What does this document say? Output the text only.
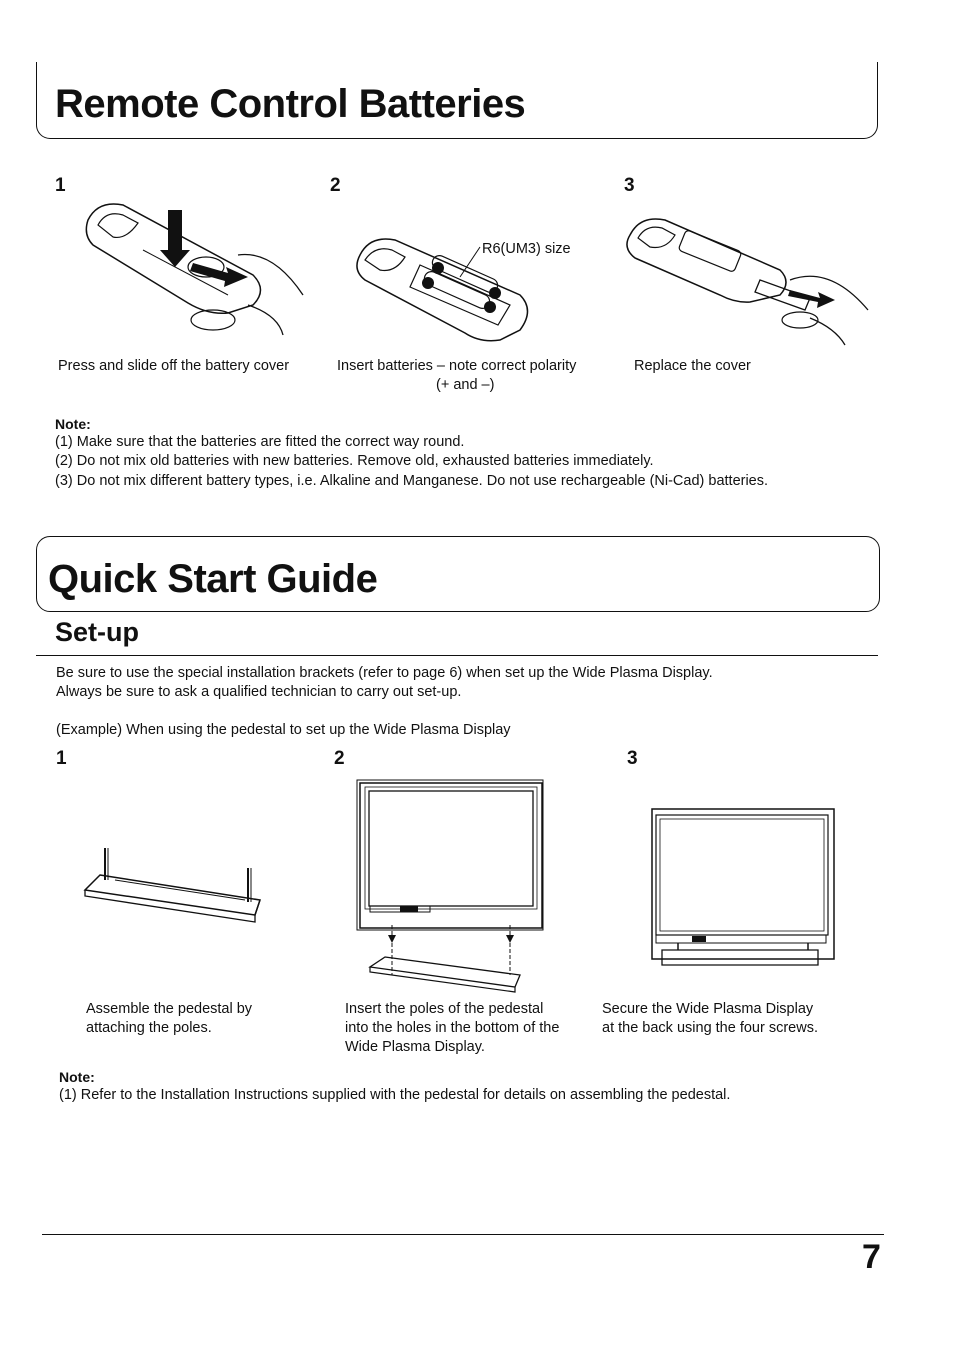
Remote Control Batteries
1	2	3
R6(UM3) size
Press and slide off the battery cover	Insert batteries – note correct polarity
(+ and –)
Replace the cover
Note:
(1) Make sure that the batteries are fitted the correct way round.
(2) Do not mix old batteries with new batteries. Remove old, exhausted batteries immediately.
(3) Do not mix different battery types, i.e. Alkaline and Manganese. Do not use rechargeable (Ni-Cad) batteries.
Quick Start Guide
Set-up
Be sure to use the special installation brackets (refer to page 6) when set up the Wide Plasma Display.
Always be sure to ask a qualified technician to carry out set-up.
(Example) When using the pedestal to set up the Wide Plasma Display
1	2	3
Assemble the pedestal by
attaching the poles.
Insert the poles of the pedestal
into the holes in the bottom of the
Wide Plasma Display.
Secure the Wide Plasma Display
at the back using the four screws.
Note:
(1) Refer to the Installation Instructions supplied with the pedestal for details on assembling the pedestal.
7
